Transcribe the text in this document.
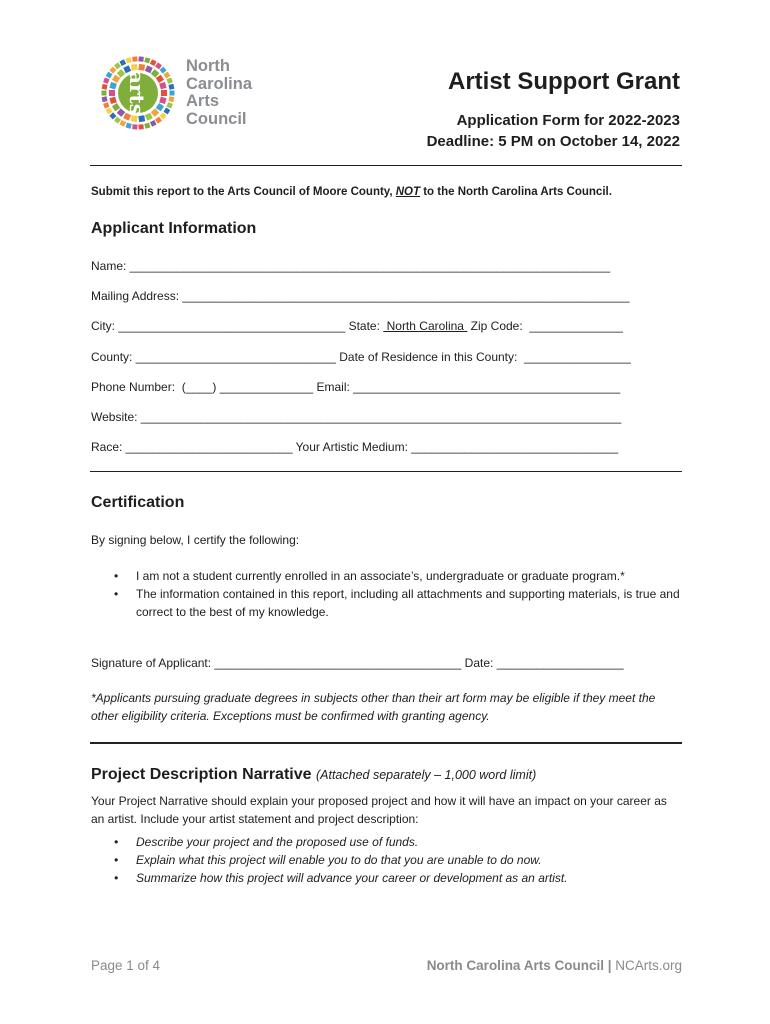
arts
North
Carolina
Arts
Council
Artist Support Grant
Application Form for 2022-2023
Deadline: 5 PM on October 14, 2022
Submit this report to the Arts Council of Moore County, NOT to the North Carolina Arts Council.
Applicant Information
Name: ________________________________________________________________________
Mailing Address: ___________________________________________________________________
City: __________________________________ State:  North Carolina  Zip Code:  ______________
County: ______________________________ Date of Residence in this County:  ________________
Phone Number:  (____) ______________ Email: ________________________________________
Website: ________________________________________________________________________
Race: _________________________ Your Artistic Medium: _______________________________
Certification
By signing below, I certify the following:
• I am not a student currently enrolled in an associate’s, undergraduate or graduate program.*
• The information contained in this report, including all attachments and supporting materials, is true and correct to the best of my knowledge.
Signature of Applicant: _____________________________________ Date: ___________________
*Applicants pursuing graduate degrees in subjects other than their art form may be eligible if they meet the other eligibility criteria. Exceptions must be confirmed with granting agency.
Project Description Narrative (Attached separately – 1,000 word limit)
Your Project Narrative should explain your proposed project and how it will have an impact on your career as an artist. Include your artist statement and project description:
• Describe your project and the proposed use of funds.
• Explain what this project will enable you to do that you are unable to do now.
• Summarize how this project will advance your career or development as an artist.
Page 1 of 4	North Carolina Arts Council | NCArts.org
